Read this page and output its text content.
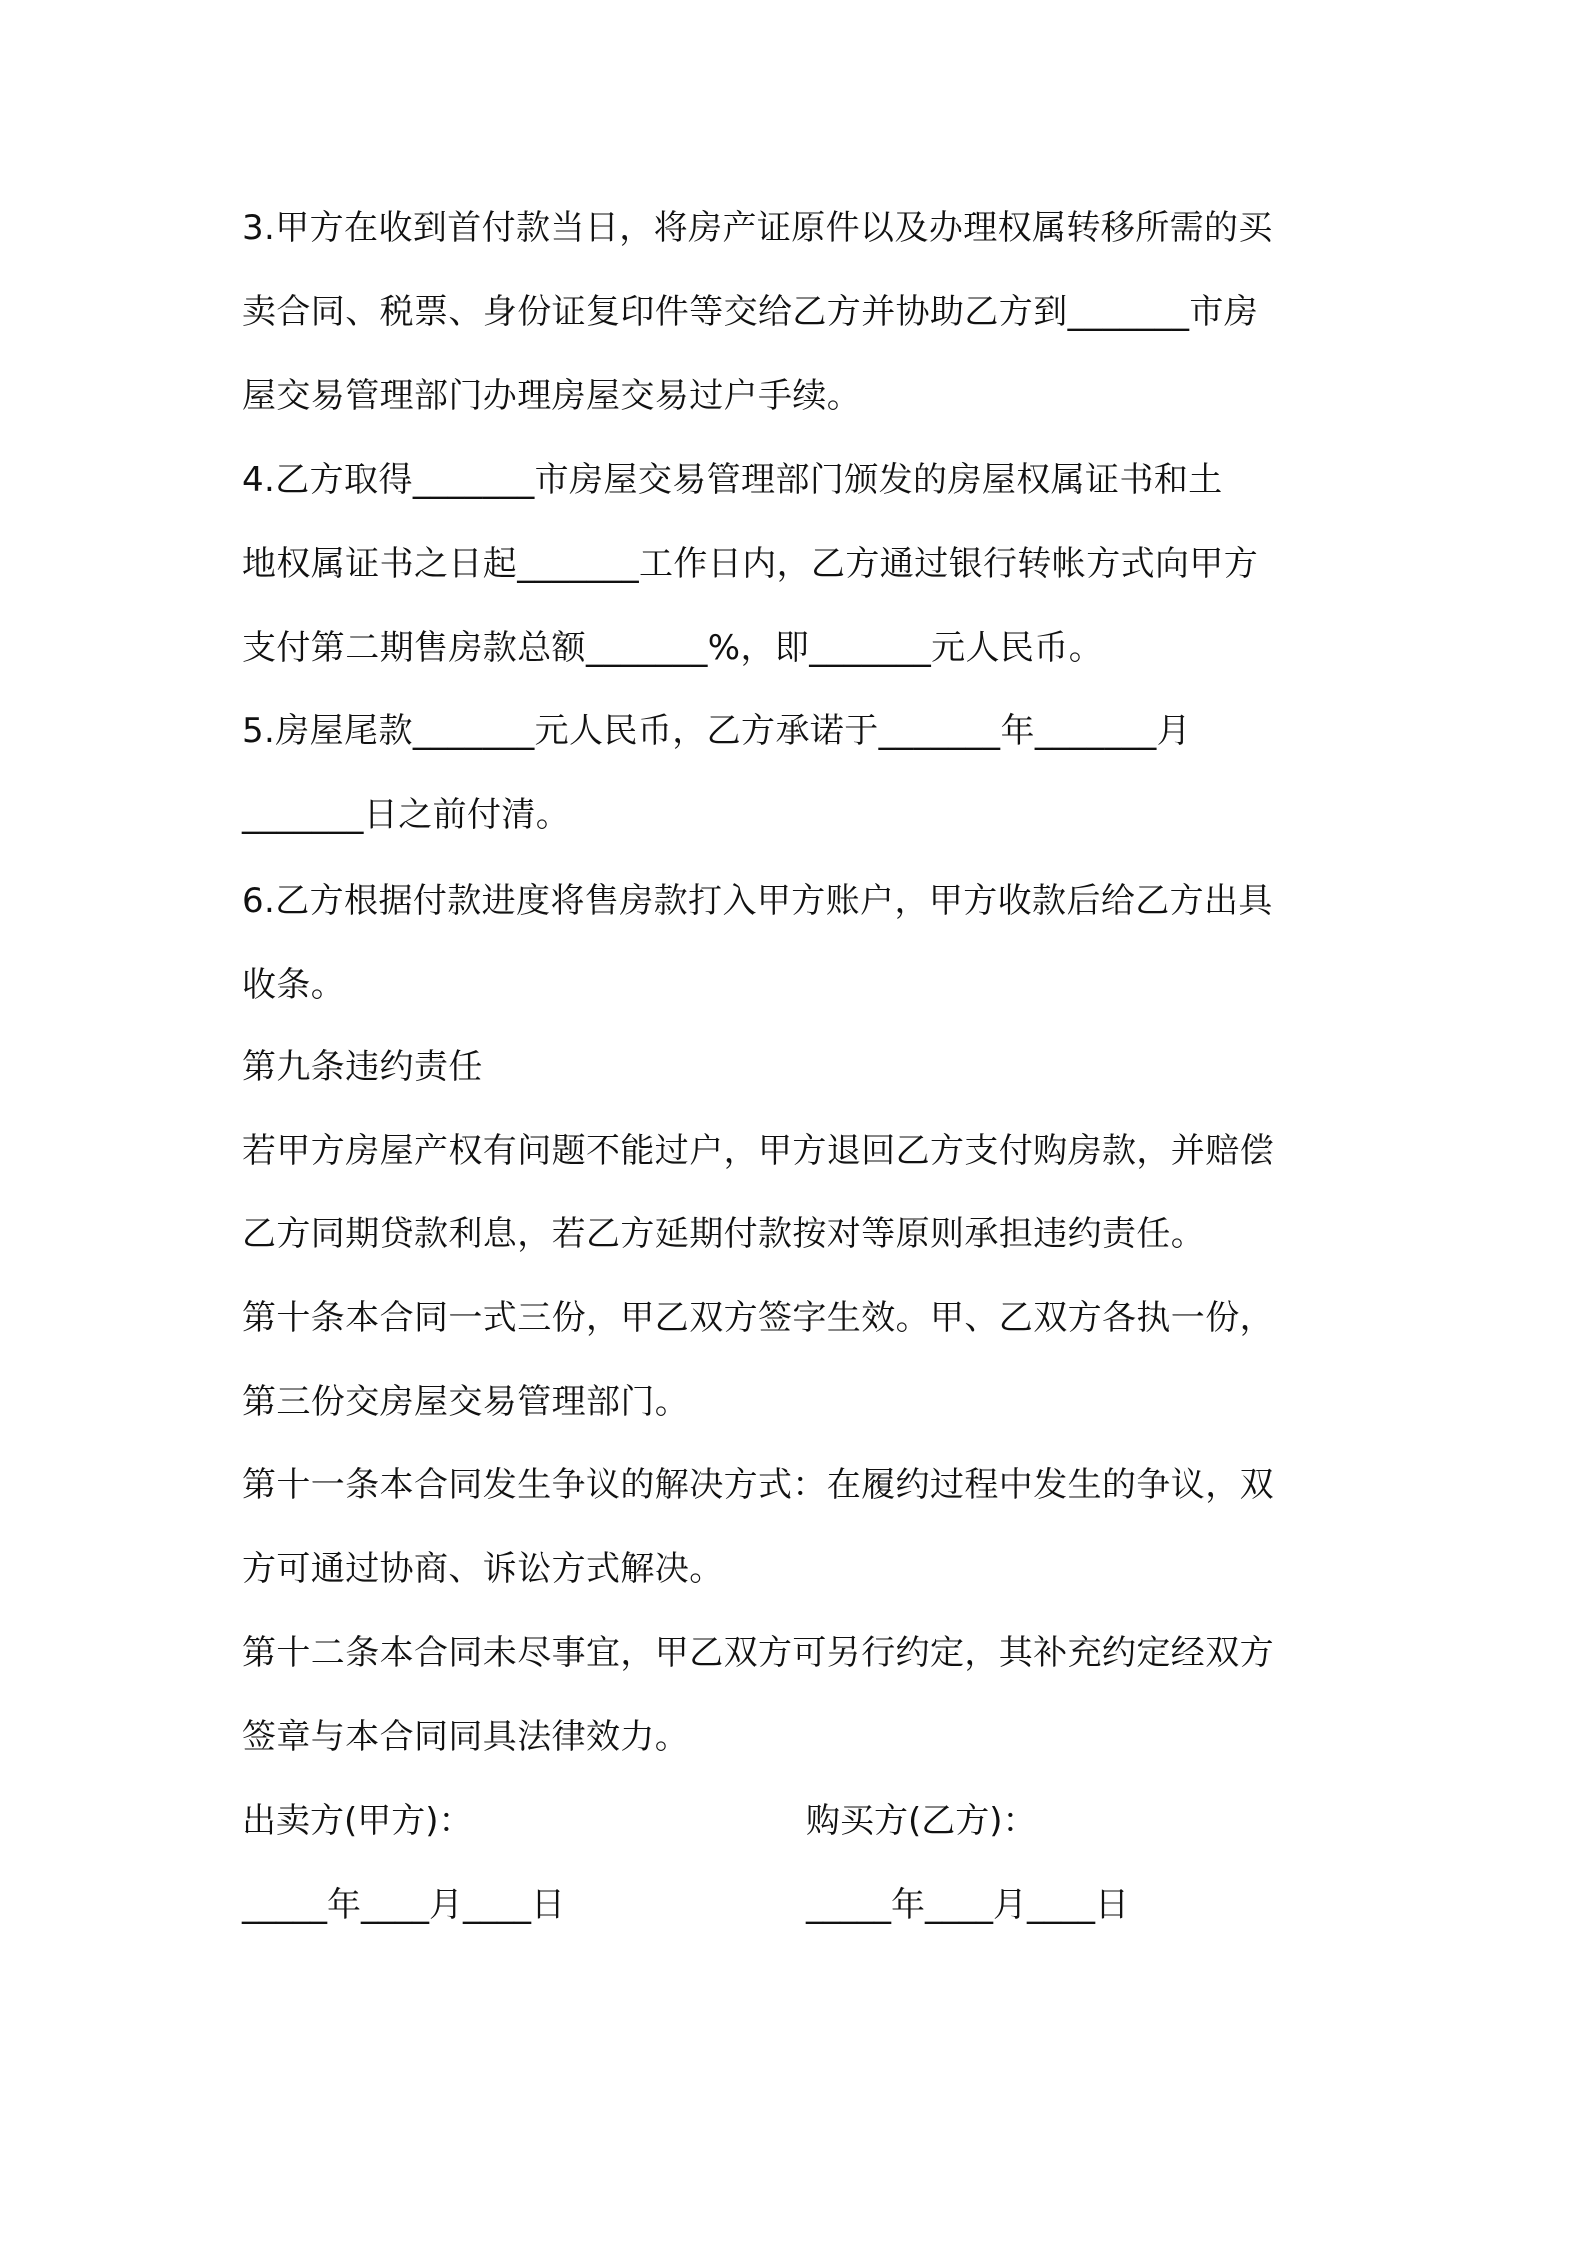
3.甲方在收到首付款当日，将房产证原件以及办理权属转移所需的买
卖合同、税票、身份证复印件等交给乙方并协助乙方到_______市房
屋交易管理部门办理房屋交易过户手续。
4.乙方取得_______市房屋交易管理部门颁发的房屋权属证书和土
地权属证书之日起_______工作日内，乙方通过银行转帐方式向甲方
支付第二期售房款总额_______%，即_______元人民币。
5.房屋尾款_______元人民币，乙方承诺于_______年_______月
_______日之前付清。
6.乙方根据付款进度将售房款打入甲方账户，甲方收款后给乙方出具
收条。
第九条违约责任
若甲方房屋产权有问题不能过户，甲方退回乙方支付购房款，并赔偿
乙方同期贷款利息，若乙方延期付款按对等原则承担违约责任。
第十条本合同一式三份，甲乙双方签字生效。甲、乙双方各执一份，
第三份交房屋交易管理部门。
第十一条本合同发生争议的解决方式：在履约过程中发生的争议，双
方可通过协商、诉讼方式解决。
第十二条本合同未尽事宜，甲乙双方可另行约定，其补充约定经双方
签章与本合同同具法律效力。
出卖方(甲方)：	购买方(乙方)：
_____年____月____日	_____年____月____日
